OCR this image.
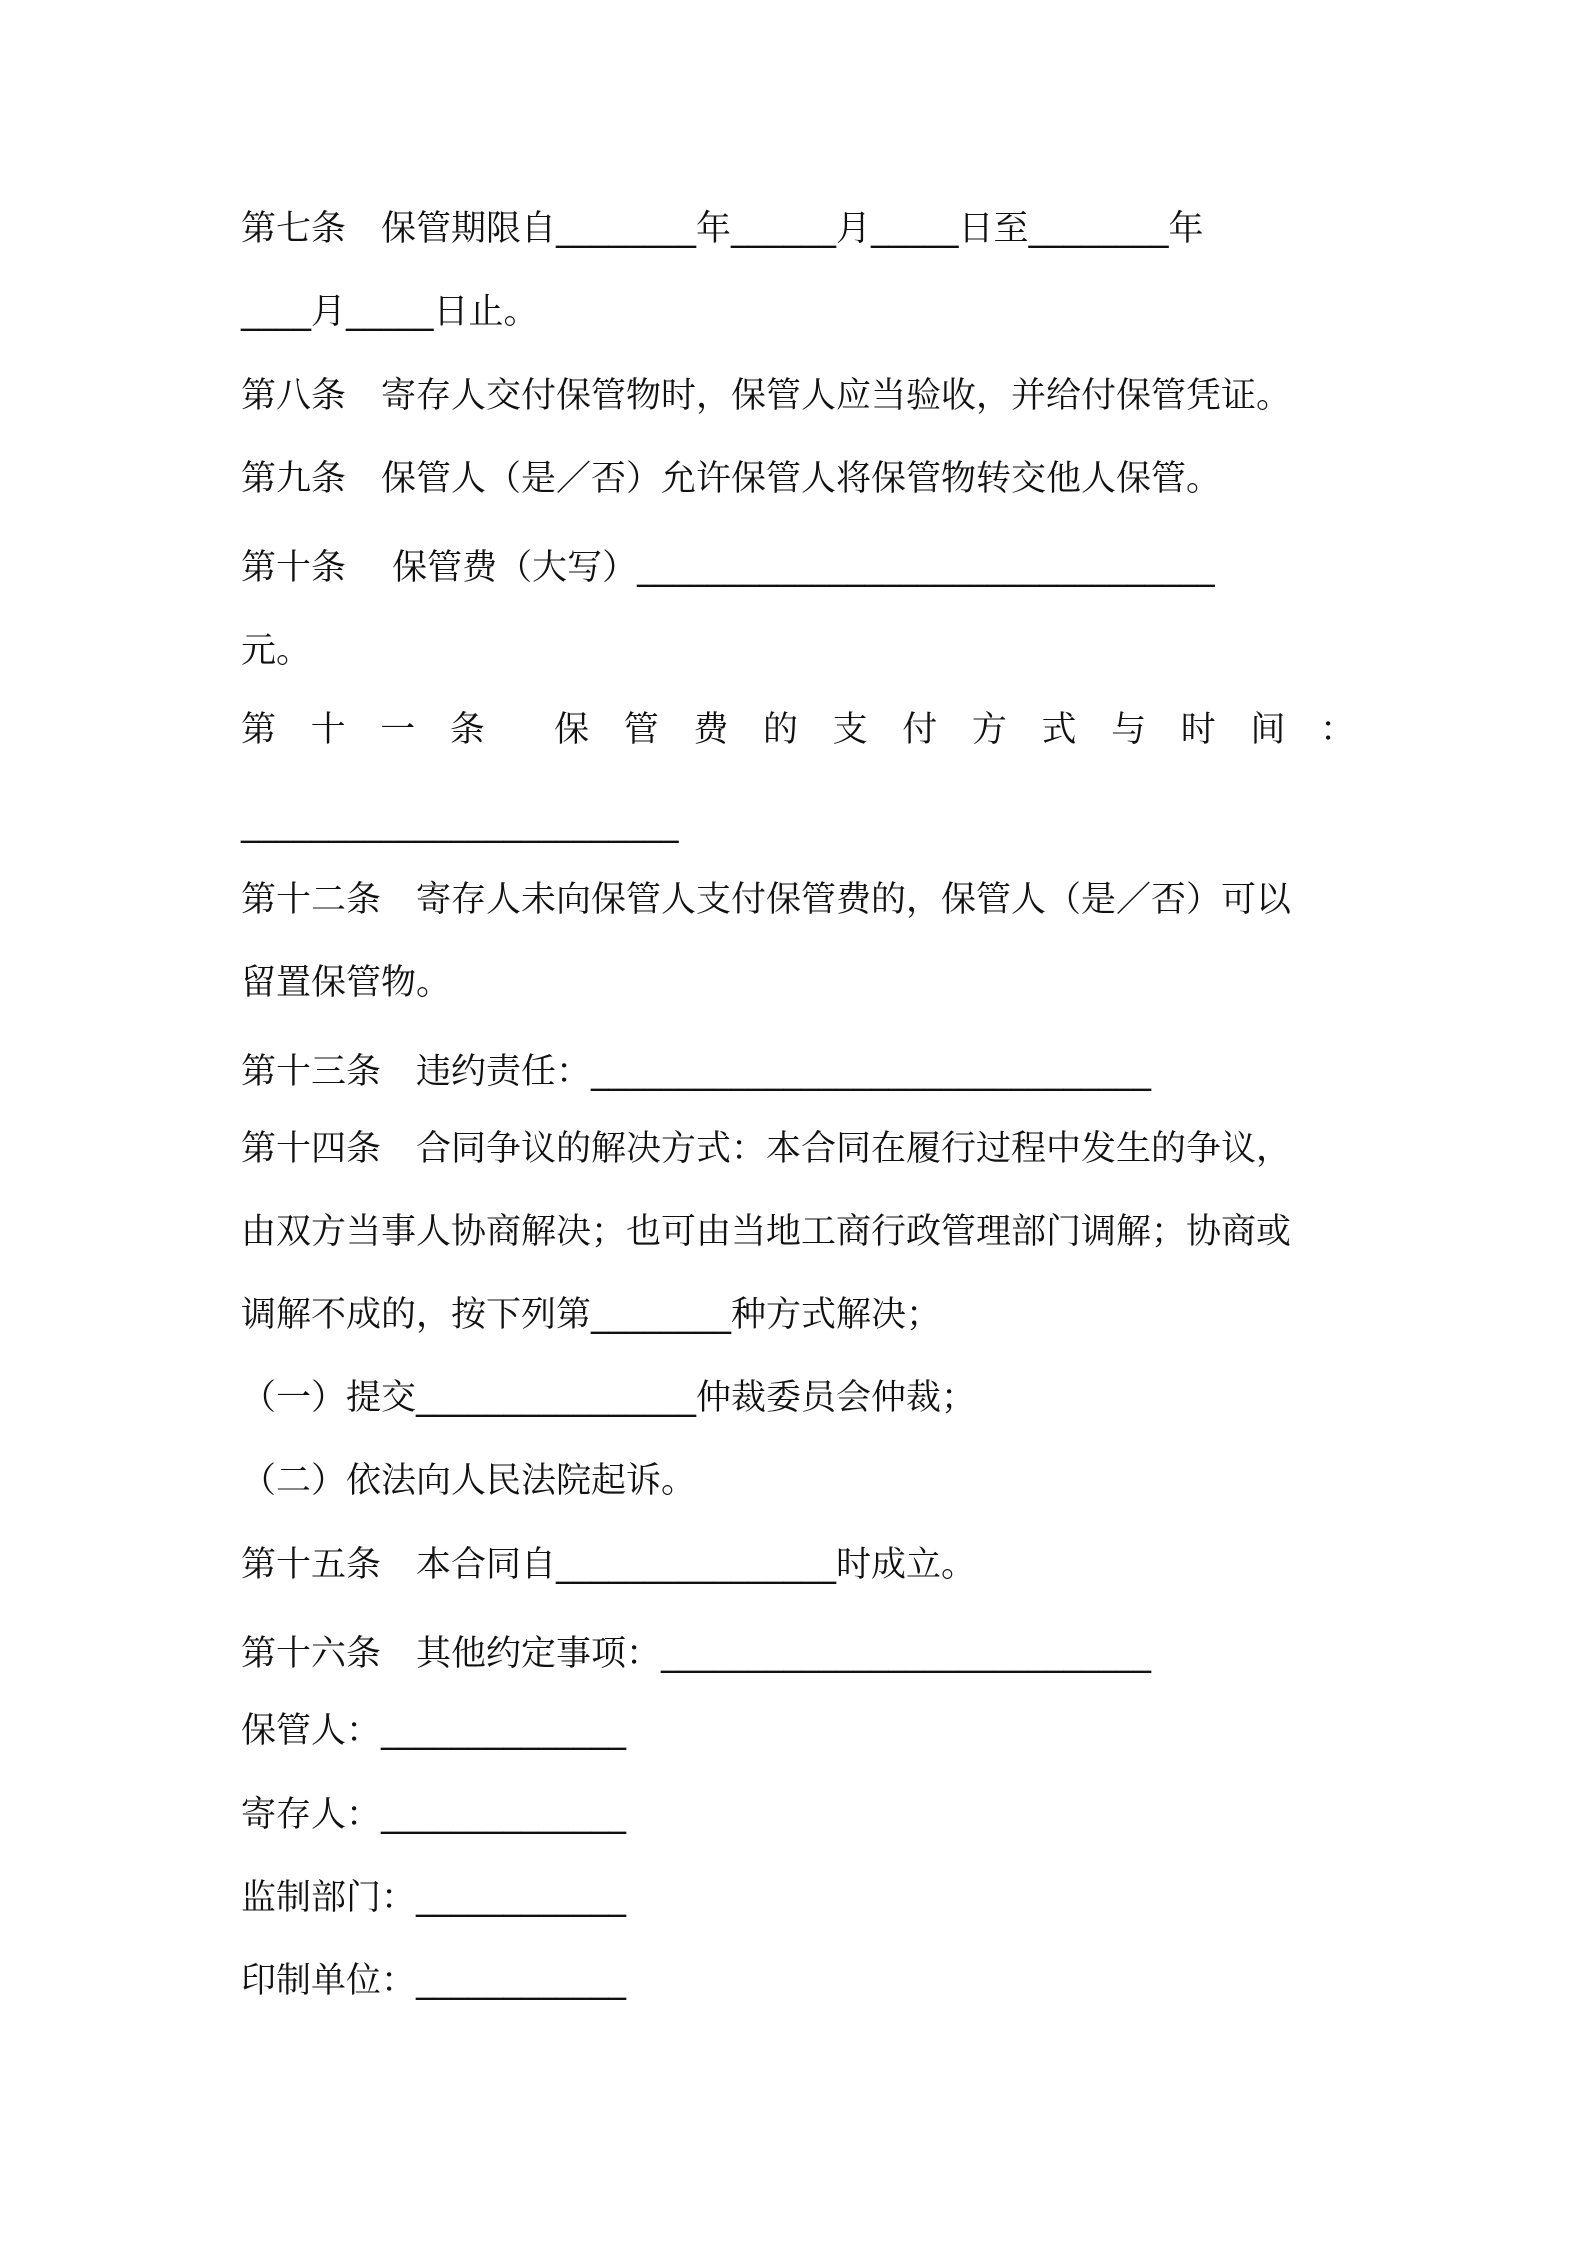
第七条　保管期限自________年______月_____日至________年
____月_____日止。
第八条　寄存人交付保管物时，保管人应当验收，并给付保管凭证。
第九条　保管人（是／否）允许保管人将保管物转交他人保管。
第十条　 保管费（大写）_________________________________
元。
第 十 一 条 保 管 费 的 支 付 方 式 与 时 间 ：
_________________________
第十二条　寄存人未向保管人支付保管费的，保管人（是／否）可以
留置保管物。
第十三条　违约责任：________________________________
第十四条　合同争议的解决方式：本合同在履行过程中发生的争议，
由双方当事人协商解决；也可由当地工商行政管理部门调解；协商或
调解不成的，按下列第________种方式解决；
（一）提交________________仲裁委员会仲裁；
（二）依法向人民法院起诉。
第十五条　本合同自________________时成立。
第十六条　其他约定事项：____________________________
保管人：______________
寄存人：______________
监制部门：____________
印制单位：____________
